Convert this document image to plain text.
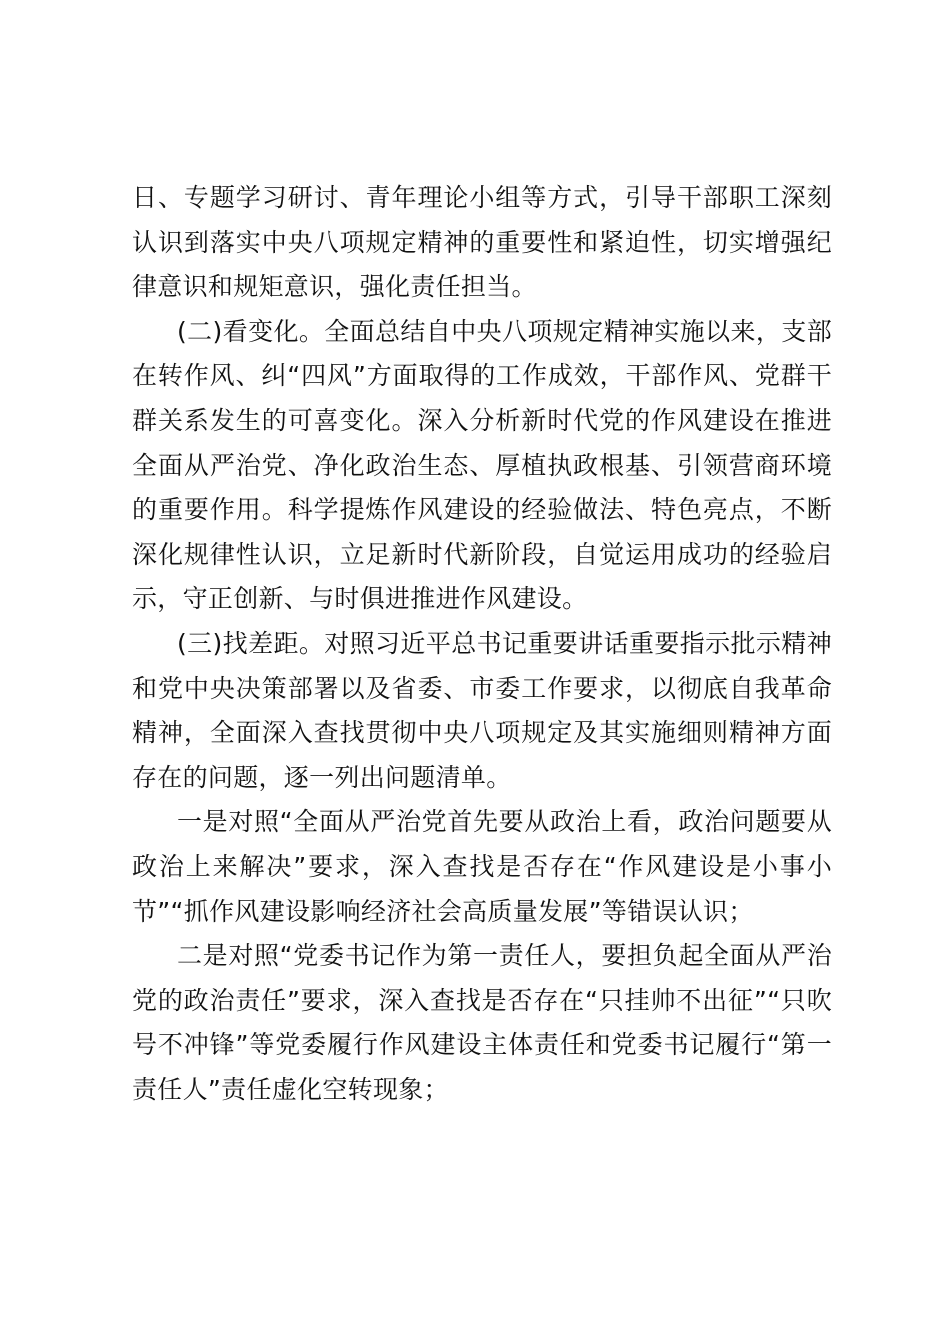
日、专题学习研讨、青年理论小组等方式，引导干部职工深刻认识到落实中央八项规定精神的重要性和紧迫性，切实增强纪律意识和规矩意识，强化责任担当。

(二)看变化。全面总结自中央八项规定精神实施以来，支部在转作风、纠“四风”方面取得的工作成效，干部作风、党群干群关系发生的可喜变化。深入分析新时代党的作风建设在推进全面从严治党、净化政治生态、厚植执政根基、引领营商环境的重要作用。科学提炼作风建设的经验做法、特色亮点，不断深化规律性认识，立足新时代新阶段，自觉运用成功的经验启示，守正创新、与时俱进推进作风建设。

(三)找差距。对照习近平总书记重要讲话重要指示批示精神和党中央决策部署以及省委、市委工作要求，以彻底自我革命精神，全面深入查找贯彻中央八项规定及其实施细则精神方面存在的问题，逐一列出问题清单。

一是对照“全面从严治党首先要从政治上看，政治问题要从政治上来解决”要求，深入查找是否存在“作风建设是小事小节”“抓作风建设影响经济社会高质量发展”等错误认识；

二是对照“党委书记作为第一责任人，要担负起全面从严治党的政治责任”要求，深入查找是否存在“只挂帅不出征”“只吹号不冲锋”等党委履行作风建设主体责任和党委书记履行“第一责任人”责任虚化空转现象；
